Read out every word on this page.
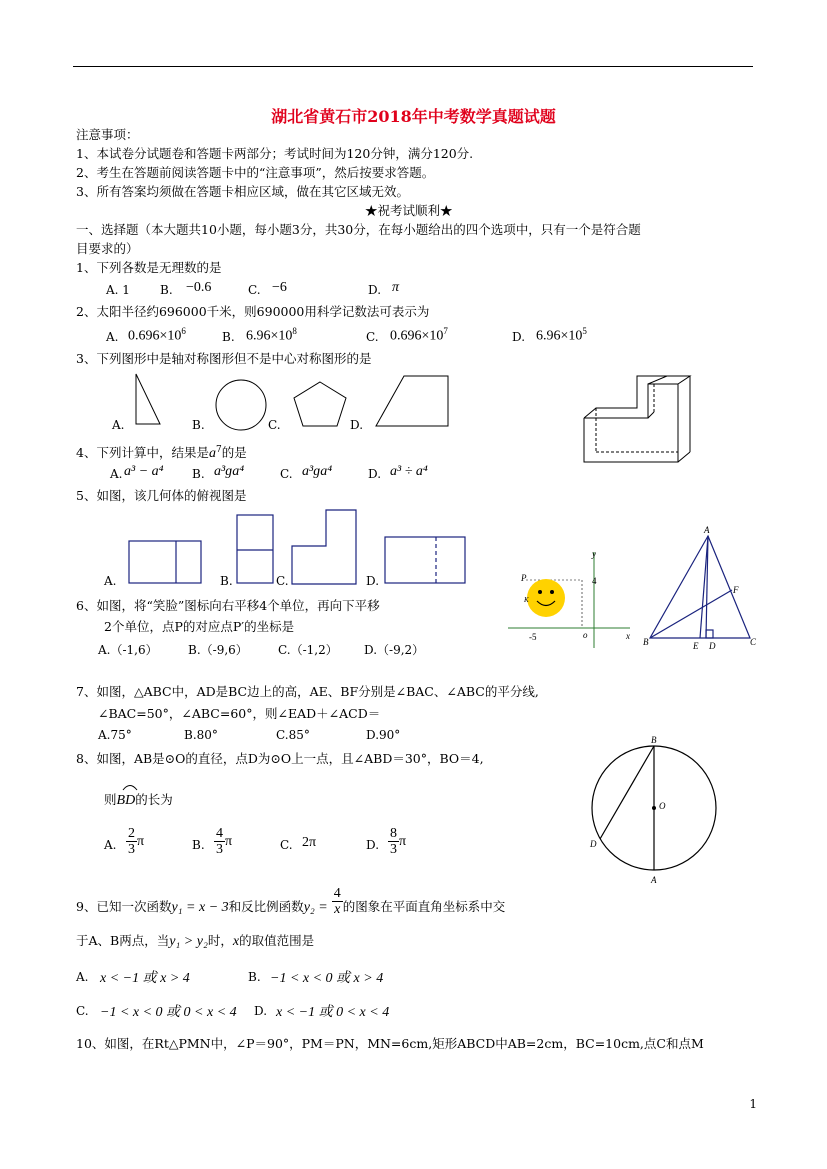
湖北省黄石市2018年中考数学真题试题
注意事项：
1、本试卷分试题卷和答题卡两部分；考试时间为120分钟，满分120分.
2、考生在答题前阅读答题卡中的“注意事项”，然后按要求答题。
3、所有答案均须做在答题卡相应区域，做在其它区域无效。
★祝考试顺利★
一、选择题（本大题共10小题，每小题3分，共30分，在每小题给出的四个选项中，只有一个是符合题
目要求的）
1、下列各数是无理数的是
A. 1	B. −0.6	C. −6	D. π
2、太阳半径约696000千米，则690000用科学记数法可表示为
A. $0.696\times 10^6$	B. $6.96\times 10^8$	C. $0.696\times 10^7$	D. $6.96\times 10^5$
3、下列图形中是轴对称图形但不是中心对称图形的是
A.	B.	C.	D.
4、下列计算中，结果是$a^7$的是
A. a³ − a⁴ B. a³ɡa⁴	C. a³ɡa⁴	D. a³ ÷ a⁴
5、如图，该几何体的俯视图是
A.	B.	C.	D.
y
x
o
P	4
-5
K
A
B	C
D
E
F
6、如图，将“笑脸”图标向右平移4个单位，再向下平移
2个单位，点P的对应点P′的坐标是
A.（-1,6）	B.（-9,6）	C.（-1,2） D.（-9,2）
7、如图，△ABC中，AD是BC边上的高，AE、BF分别是∠BAC、∠ABC的平分线,
∠BAC=50°，∠ABC=60°，则∠EAD＋∠ACD＝
A.75°	B.80°	C.85°	D.90°
8、如图，AB是⊙O的直径，点D为⊙O上一点，且∠ABD＝30°，BO＝4,
则BD的长为
A. $\frac{2}{3}$ π	B. $\frac{4}{3}$ π	C. 2π	D. $\frac{8}{3}$ π
B
A
D
O
9、已知一次函数y₁ = x − 3和反比例函数$y_2 = \frac{4}{x}$ 的图象在平面直角坐标系中交
于A、B两点，当y₁ > y₂时，x的取值范围是
A. x < −1 或 x > 4	B. −1 < x < 0 或 x > 4
C. −1 < x < 0 或 0 < x < 4 D. x < −1 或 0 < x < 4
10、如图，在Rt△PMN中，∠P＝90°，PM＝PN，MN=6cm,矩形ABCD中AB=2cm，BC=10cm,点C和点M
1
